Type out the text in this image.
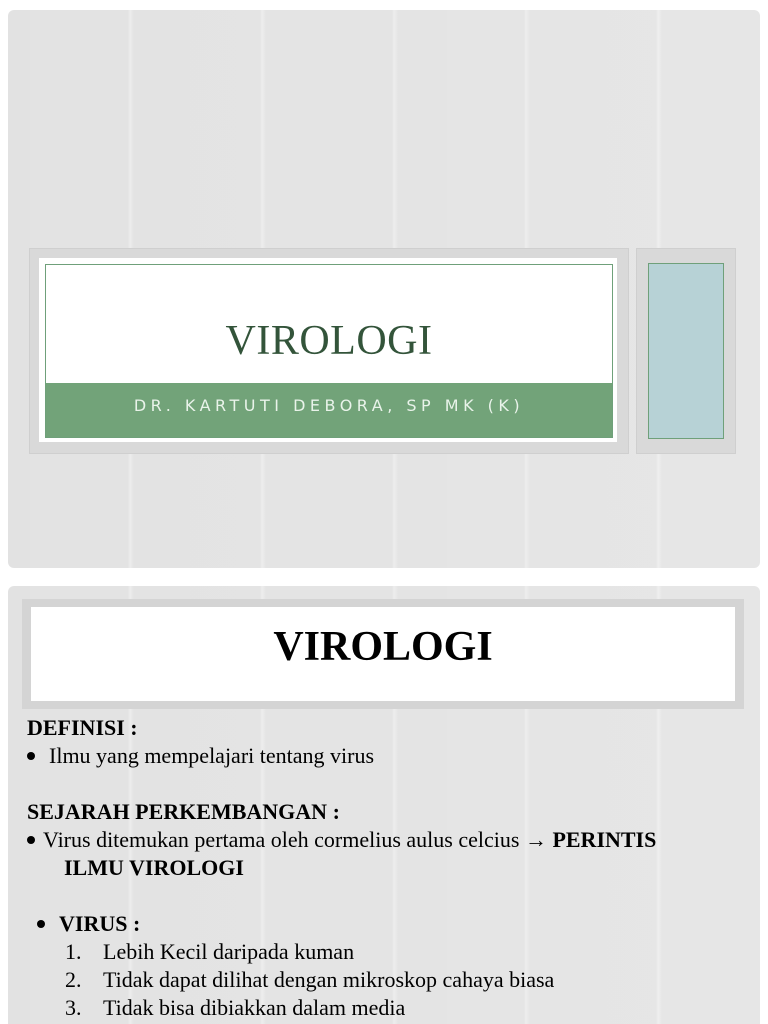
VIROLOGI
DR. KARTUTI DEBORA, SP MK (K)
VIROLOGI
DEFINISI :
Ilmu yang mempelajari tentang virus
SEJARAH PERKEMBANGAN :
Virus ditemukan pertama oleh cormelius aulus celcius → PERINTIS
ILMU VIROLOGI
VIRUS :
1. Lebih Kecil daripada kuman
2. Tidak dapat dilihat dengan mikroskop cahaya biasa
3. Tidak bisa dibiakkan dalam media
